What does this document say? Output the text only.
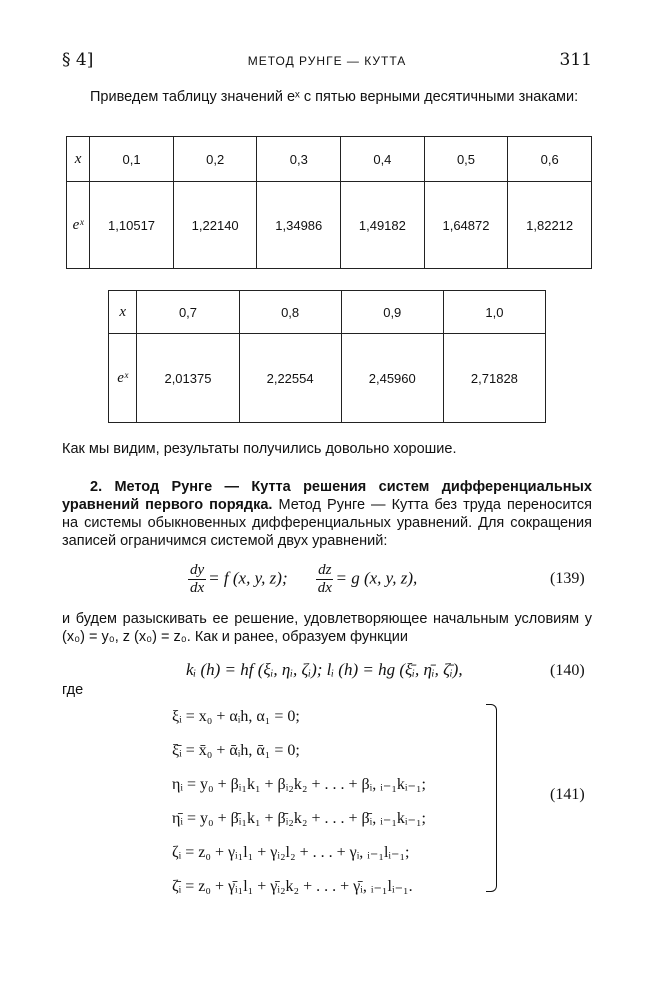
§ 4]	МЕТОД РУНГЕ — КУТТА	311
Приведем таблицу значений eˣ с пятью верными десятичными знаками:
x	0,1	0,2	0,3	0,4	0,5	0,6
eˣ	1,10517	1,22140	1,34986	1,49182	1,64872	1,82212
x	0,7	0,8	0,9	1,0
eˣ	2,01375	2,22554	2,45960	2,71828
Как мы видим, результаты получились довольно хорошие.
2. Метод Рунге — Кутта решения систем дифференциальных уравнений первого порядка. Метод Рунге — Кутта без труда переносится на системы обыкновенных дифференциальных уравнений. Для сокращения записей ограничимся системой двух уравнений:
$\frac{dy}{dx} = f$ (x, y, z); $\frac{dz}{dx} = g$ (x, y, z),	(139)
и будем разыскивать ее решение, удовлетворяющее начальным условиям y (x₀) = y₀, z (x₀) = z₀. Как и ранее, образуем функции
kᵢ (h) = hf (ξᵢ, ηᵢ, ζᵢ); lᵢ (h) = hg (ξ̄ᵢ, η̄ᵢ, ζ̄ᵢ),	(140)
где
ξᵢ = x₀ + αᵢh, α₁ = 0;
ξ̄ᵢ = x̄₀ + ᾱᵢh, ᾱ₁ = 0;
ηᵢ = y₀ + βᵢ₁k₁ + βᵢ₂k₂ + . . . + βᵢ, ᵢ₋₁kᵢ₋₁;
η̄ᵢ = y₀ + β̄ᵢ₁k₁ + β̄ᵢ₂k₂ + . . . + β̄ᵢ, ᵢ₋₁kᵢ₋₁;
ζᵢ = z₀ + γᵢ₁l₁ + γᵢ₂l₂ + . . . + γᵢ, ᵢ₋₁lᵢ₋₁;
ζ̄ᵢ = z₀ + γ̄ᵢ₁l₁ + γ̄ᵢ₂k₂ + . . . + γ̄ᵢ, ᵢ₋₁lᵢ₋₁.
(141)
